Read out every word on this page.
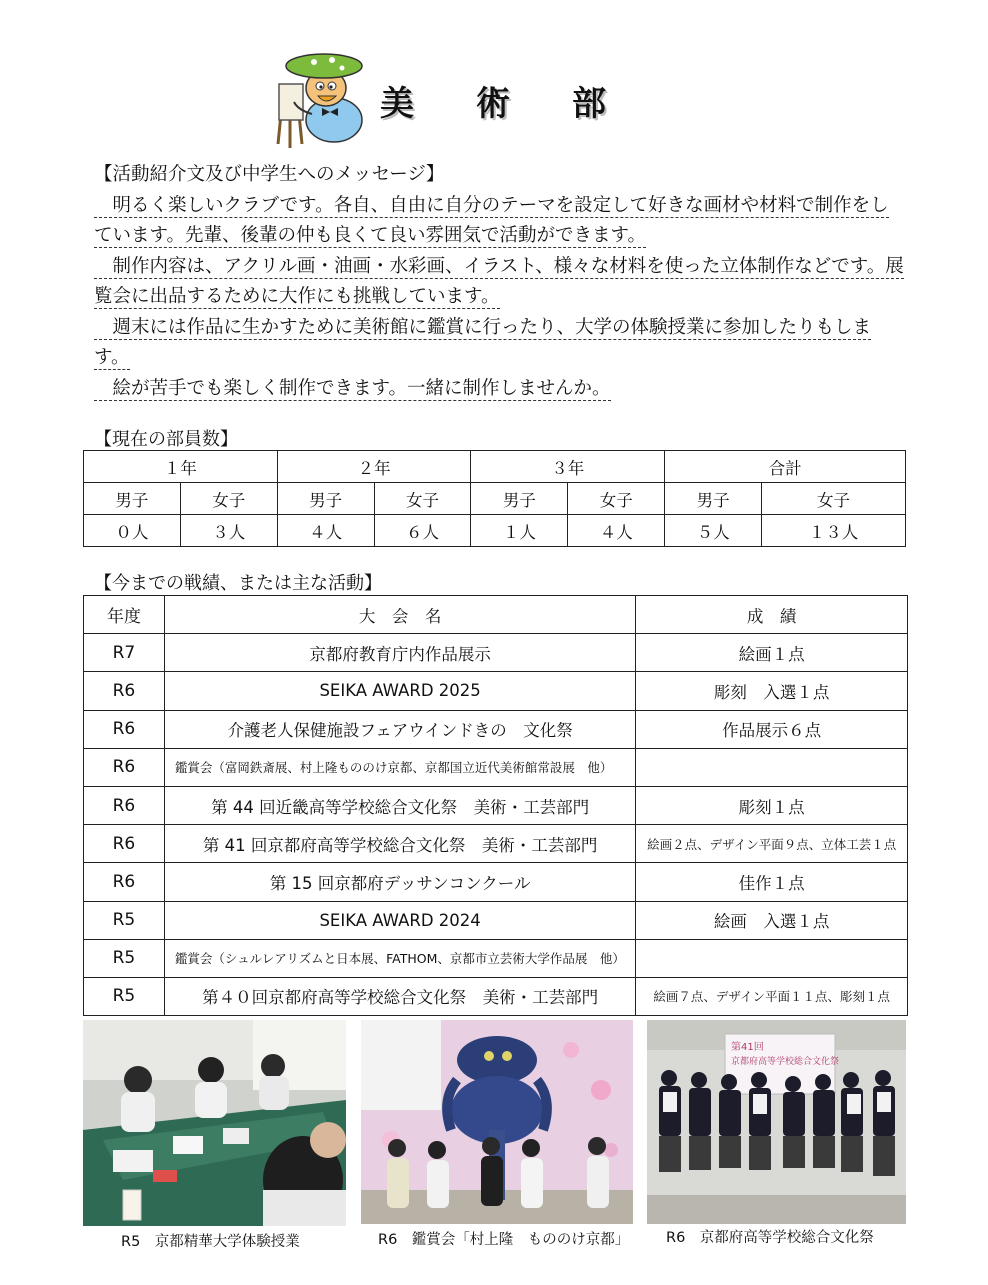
美 術 部
【活動紹介文及び中学生へのメッセージ】
　明るく楽しいクラブです。各自、自由に自分のテーマを設定して好きな画材や材料で制作をしています。先輩、後輩の仲も良くて良い雰囲気で活動ができます。
　制作内容は、アクリル画・油画・水彩画、イラスト、様々な材料を使った立体制作などです。展覧会に出品するために大作にも挑戦しています。
　週末には作品に生かすために美術館に鑑賞に行ったり、大学の体験授業に参加したりもします。
　絵が苦手でも楽しく制作できます。一緒に制作しませんか。
【現在の部員数】
１年		２年		３年		合計	
男子	女子	男子	女子	男子	女子	男子	女子
０人	３人	４人	６人	１人	４人	５人	１３人
【今までの戦績、または主な活動】
年度	大　会　名	成　績
R7	京都府教育庁内作品展示	絵画１点
R6	SEIKA AWARD 2025	彫刻　入選１点
R6	介護老人保健施設フェアウインドきの　文化祭	作品展示６点
R6	鑑賞会（富岡鉄斎展、村上隆もののけ京都、京都国立近代美術館常設展　他）	
R6	第 44 回近畿高等学校総合文化祭　美術・工芸部門	彫刻１点
R6	第 41 回京都府高等学校総合文化祭　美術・工芸部門	絵画２点、デザイン平面９点、立体工芸１点
R6	第 15 回京都府デッサンコンクール	佳作１点
R5	SEIKA AWARD 2024	絵画　入選１点
R5	鑑賞会（シュルレアリズムと日本展、FATHOM、京都市立芸術大学作品展　他）	
R5	第４０回京都府高等学校総合文化祭　美術・工芸部門	絵画７点、デザイン平面１１点、彫刻１点
R5　京都精華大学体験授業	R6　鑑賞会「村上隆　もののけ京都」
第41回
京都府高等学校総合文化祭
R6　京都府高等学校総合文化祭
